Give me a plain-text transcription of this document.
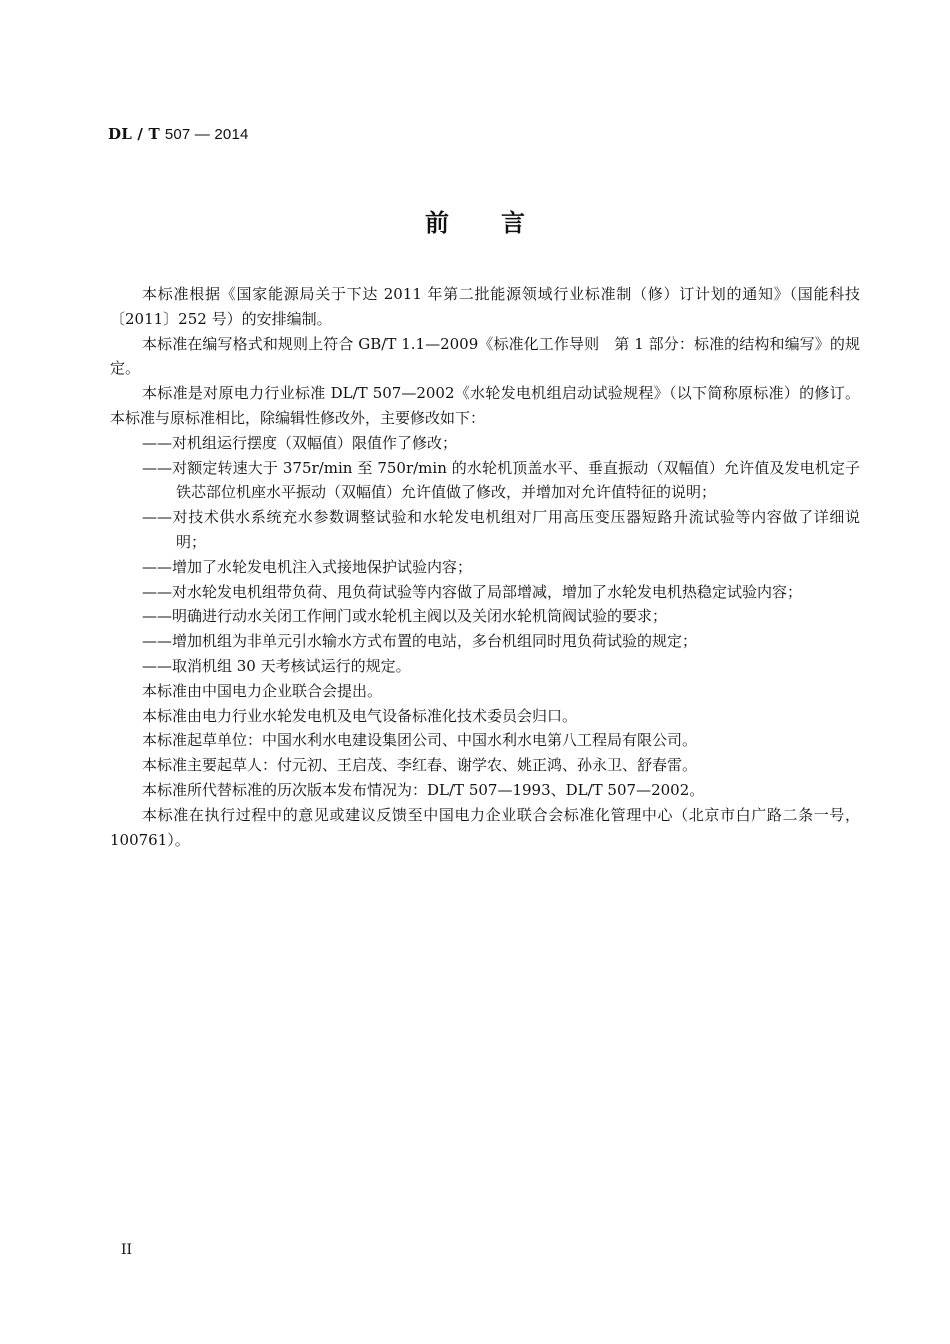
DL / T 507 — 2014
前言

本标准根据《国家能源局关于下达 2011 年第二批能源领域行业标准制（修）订计划的通知》（国能科技〔2011〕252 号）的安排编制。

本标准在编写格式和规则上符合 GB/T 1.1—2009《标准化工作导则　第 1 部分：标准的结构和编写》的规定。

本标准是对原电力行业标准 DL/T 507—2002《水轮发电机组启动试验规程》（以下简称原标准）的修订。本标准与原标准相比，除编辑性修改外，主要修改如下：

——对机组运行摆度（双幅值）限值作了修改；

——对额定转速大于 375r/min 至 750r/min 的水轮机顶盖水平、垂直振动（双幅值）允许值及发电机定子铁芯部位机座水平振动（双幅值）允许值做了修改，并增加对允许值特征的说明；

——对技术供水系统充水参数调整试验和水轮发电机组对厂用高压变压器短路升流试验等内容做了详细说明；

——增加了水轮发电机注入式接地保护试验内容；

——对水轮发电机组带负荷、甩负荷试验等内容做了局部增减，增加了水轮发电机热稳定试验内容；

——明确进行动水关闭工作闸门或水轮机主阀以及关闭水轮机筒阀试验的要求；

——增加机组为非单元引水输水方式布置的电站，多台机组同时甩负荷试验的规定；

——取消机组 30 天考核试运行的规定。

本标准由中国电力企业联合会提出。

本标准由电力行业水轮发电机及电气设备标准化技术委员会归口。

本标准起草单位：中国水利水电建设集团公司、中国水利水电第八工程局有限公司。

本标准主要起草人：付元初、王启茂、李红春、谢学农、姚正鸿、孙永卫、舒春雷。

本标准所代替标准的历次版本发布情况为：DL/T 507—1993、DL/T 507—2002。

本标准在执行过程中的意见或建议反馈至中国电力企业联合会标准化管理中心（北京市白广路二条一号，100761）。

II
